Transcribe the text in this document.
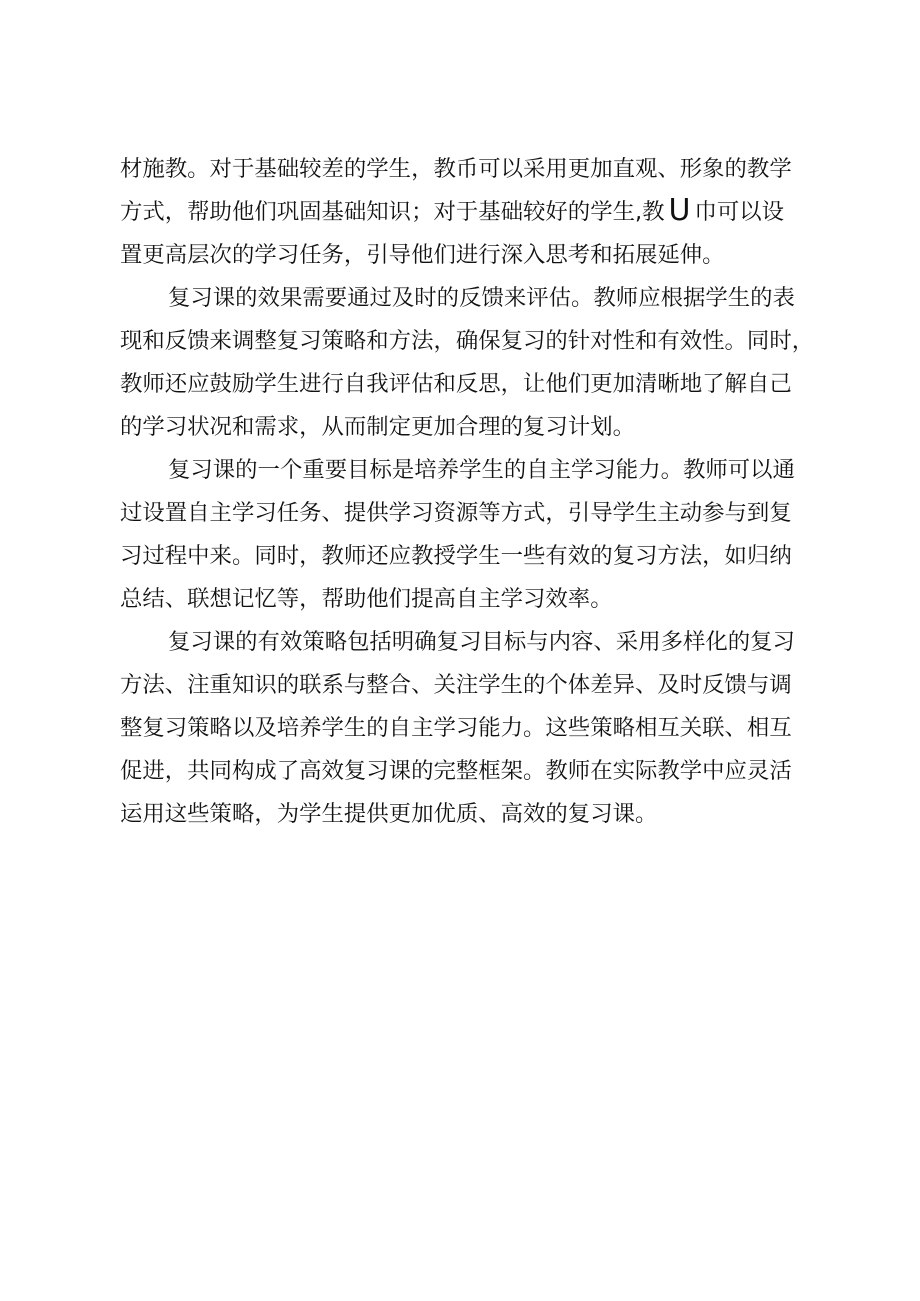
材施教。对于基础较差的学生，教币可以采用更加直观、形象的教学
方式，帮助他们巩固基础知识；对于基础较好的学生,教 U 巾可以设
置更高层次的学习任务，引导他们进行深入思考和拓展延伸。

复习课的效果需要通过及时的反馈来评估。教师应根据学生的表
现和反馈来调整复习策略和方法，确保复习的针对性和有效性。同时，
教师还应鼓励学生进行自我评估和反思，让他们更加清晰地了解自己
的学习状况和需求，从而制定更加合理的复习计划。

复习课的一个重要目标是培养学生的自主学习能力。教师可以通
过设置自主学习任务、提供学习资源等方式，引导学生主动参与到复
习过程中来。同时，教师还应教授学生一些有效的复习方法，如归纳
总结、联想记忆等，帮助他们提高自主学习效率。

复习课的有效策略包括明确复习目标与内容、采用多样化的复习
方法、注重知识的联系与整合、关注学生的个体差异、及时反馈与调
整复习策略以及培养学生的自主学习能力。这些策略相互关联、相互
促进，共同构成了高效复习课的完整框架。教师在实际教学中应灵活
运用这些策略，为学生提供更加优质、高效的复习课。
